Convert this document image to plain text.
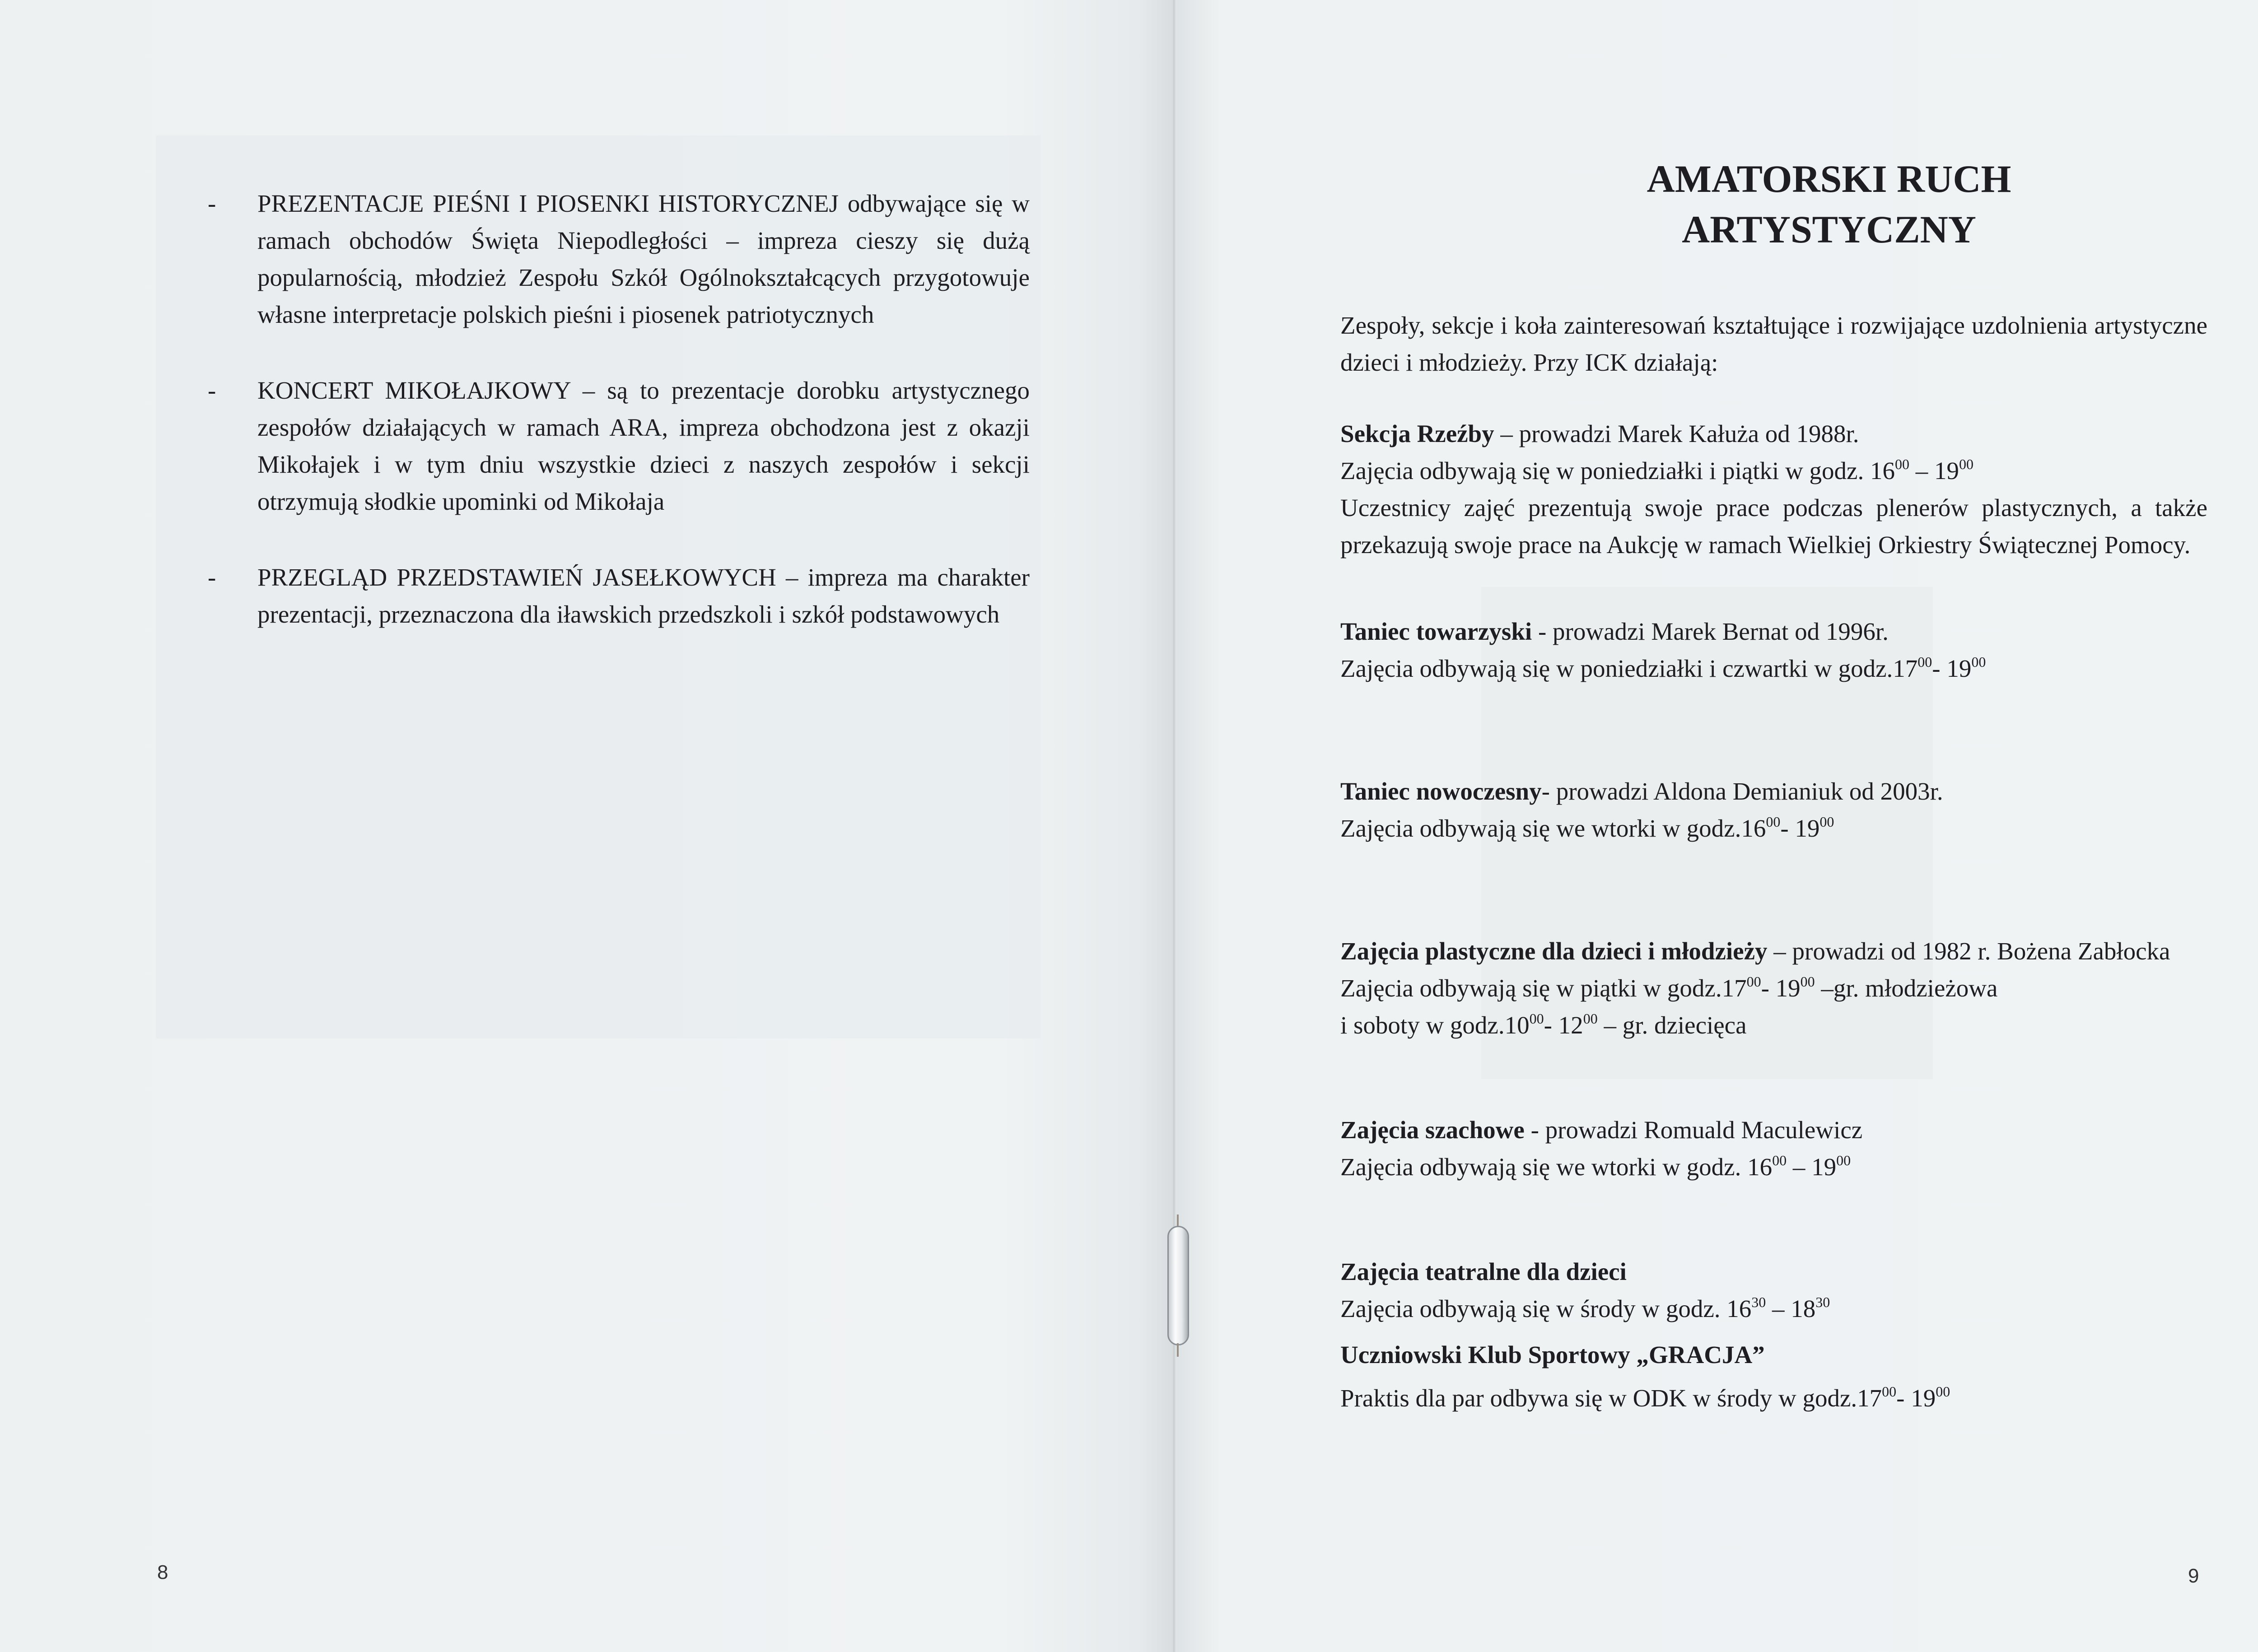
- PREZENTACJE PIEŚNI I PIOSENKI HISTORYCZNEJ odbywające się w ramach obchodów Święta Niepodległości – impreza cieszy się dużą popularnością, młodzież Zespołu Szkół Ogólnokształcących przygotowuje własne interpretacje polskich pieśni i piosenek patriotycznych
- KONCERT MIKOŁAJKOWY – są to prezentacje dorobku artystycznego zespołów działających w ramach ARA, impreza obchodzona jest z okazji Mikołajek i w tym dniu wszystkie dzieci z naszych zespołów i sekcji otrzymują słodkie upominki od Mikołaja
- PRZEGLĄD PRZEDSTAWIEŃ JASEŁKOWYCH – impreza ma charakter prezentacji, przeznaczona dla iławskich przedszkoli i szkół podstawowych
8
AMATORSKI RUCH
ARTYSTYCZNY

Zespoły, sekcje i koła zainteresowań kształtujące i rozwijające uzdolnienia artystyczne dzieci i młodzieży. Przy ICK działają:

Sekcja Rzeźby – prowadzi Marek Kałuża od 1988r.

Zajęcia odbywają się w poniedziałki i piątki w godz. $16^{00} - 19^{00}$

Uczestnicy zajęć prezentują swoje prace podczas plenerów plastycznych, a także przekazują swoje prace na Aukcję w ramach Wielkiej Orkiestry Świątecznej Pomocy.

Taniec towarzyski - prowadzi Marek Bernat od 1996r.

Zajęcia odbywają się w poniedziałki i czwartki w $godz.17^{00}-$ $19^{00}$

Taniec nowoczesny- prowadzi Aldona Demianiuk od 2003r.

Zajęcia odbywają się we wtorki w $godz.16^{00}-$ $19^{00}$

Zajęcia plastyczne dla dzieci i młodzieży – prowadzi od 1982 r. Bożena Zabłocka

Zajęcia odbywają się w piątki w $godz.17^{00}-$ $19^{00}$ –gr. młodzieżowa

i soboty w $godz.10^{00}-$ $12^{00}$ – gr. dziecięca

Zajęcia szachowe - prowadzi Romuald Maculewicz

Zajęcia odbywają się we wtorki w godz. $16^{00} - 19^{00}$

Zajęcia teatralne dla dzieci

Zajęcia odbywają się w środy w godz. $16^{30} - 18^{30}$

Uczniowski Klub Sportowy „GRACJA”

Praktis dla par odbywa się w ODK w środy w $godz.17^{00}-$ $19^{00}$

9
